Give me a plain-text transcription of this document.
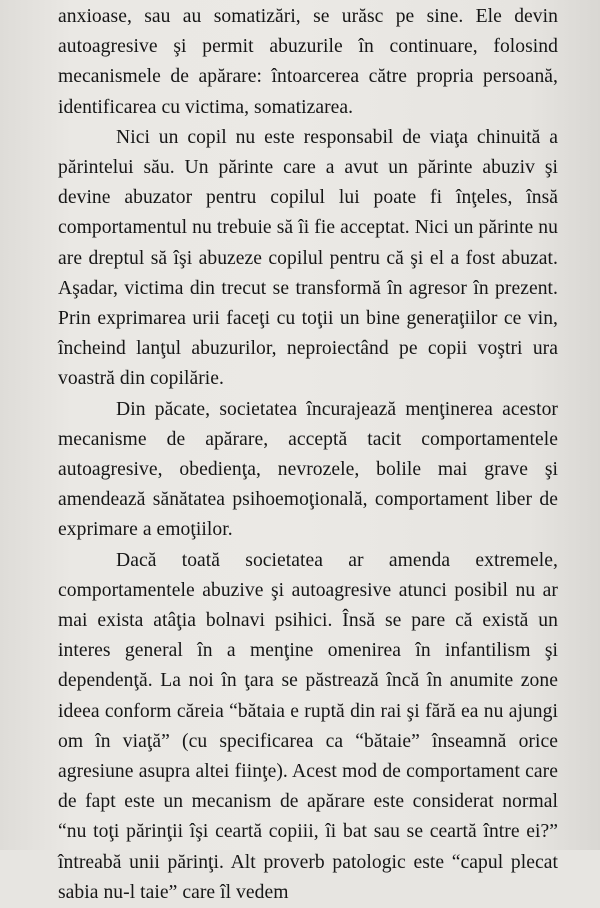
anxioase, sau au somatizări, se urăsc pe sine. Ele devin autoagresive şi permit abuzurile în continuare, folosind mecanismele de apărare: întoarcerea către propria persoană, identificarea cu victima, somatizarea.

Nici un copil nu este responsabil de viaţa chinuită a părintelui său. Un părinte care a avut un părinte abuziv şi devine abuzator pentru copilul lui poate fi înţeles, însă comportamentul nu trebuie să îi fie acceptat. Nici un părinte nu are dreptul să îşi abuzeze copilul pentru că şi el a fost abuzat. Aşadar, victima din trecut se transformă în agresor în prezent. Prin exprimarea urii faceţi cu toţii un bine generaţiilor ce vin, încheind lanţul abuzurilor, neproiectând pe copii voştri ura voastră din copilărie.

Din păcate, societatea încurajează menţinerea acestor mecanisme de apărare, acceptă tacit comportamentele autoagresive, obedienţa, nevrozele, bolile mai grave şi amendează sănătatea psihoemoţională, comportament liber de exprimare a emoţiilor.

Dacă toată societatea ar amenda extremele, comportamentele abuzive şi autoagresive atunci posibil nu ar mai exista atâţia bolnavi psihici. Însă se pare că există un interes general în a menţine omenirea în infantilism şi dependenţă. La noi în ţara se păstrează încă în anumite zone ideea conform căreia “bătaia e ruptă din rai şi fără ea nu ajungi om în viaţă” (cu specificarea ca “bătaie” înseamnă orice agresiune asupra altei fiinţe). Acest mod de comportament care de fapt este un mecanism de apărare este considerat normal “nu toţi părinţii îşi ceartă copiii, îi bat sau se ceartă între ei?” întreabă unii părinţi. Alt proverb patologic este “capul plecat sabia nu-l taie” care îl vedem
